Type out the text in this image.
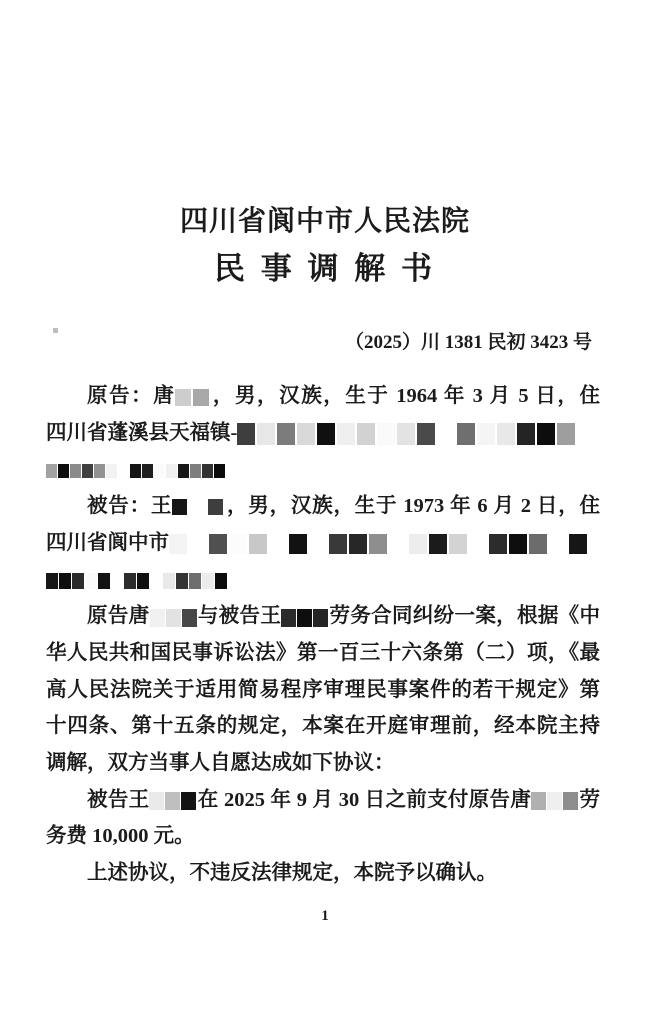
四川省阆中市人民法院
民 事 调 解 书
（2025）川 1381 民初 3423 号
原告：唐 ，男，汉族，生于 1964 年 3 月 5 日，住
四川省蓬溪县天福镇-
被告：王	，男，汉族，生于 1973 年 6 月 2 日，住
四川省阆中市
原告唐 与被告王 劳务合同纠纷一案，根据《中
华人民共和国民事诉讼法》第一百三十六条第（二）项，《最
高人民法院关于适用简易程序审理民事案件的若干规定》第
十四条、第十五条的规定，本案在开庭审理前，经本院主持
调解，双方当事人自愿达成如下协议：
被告王 在 2025 年 9 月 30 日之前支付原告唐 劳
务费 10,000 元。
上述协议，不违反法律规定，本院予以确认。
1
